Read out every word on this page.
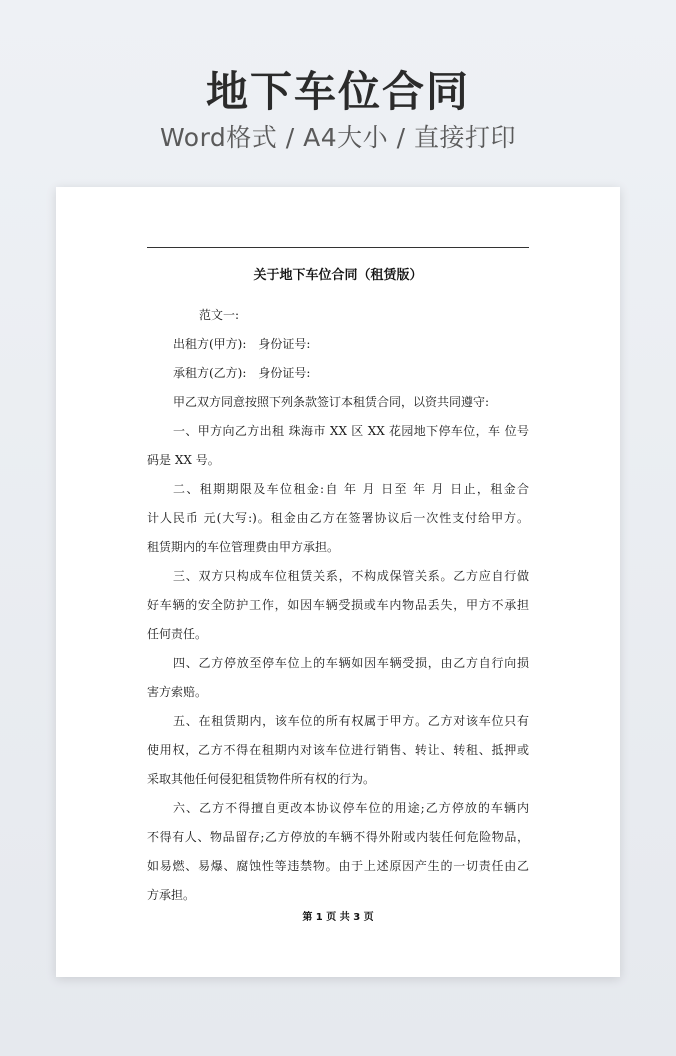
地下车位合同
Word格式 / A4大小 / 直接打印
关于地下车位合同（租赁版）
范文一:
出租方(甲方):　身份证号:
承租方(乙方):　身份证号:
甲乙双方同意按照下列条款签订本租赁合同，以资共同遵守:
一、甲方向乙方出租 珠海市 XX 区 XX 花园地下停车位，车 位号
码是 XX 号。
二、租期期限及车位租金:自 年 月 日至 年 月 日止，租金合
计人民币 元(大写:)。租金由乙方在签署协议后一次性支付给甲方。
租赁期内的车位管理费由甲方承担。
三、双方只构成车位租赁关系，不构成保管关系。乙方应自行做
好车辆的安全防护工作，如因车辆受损或车内物品丢失，甲方不承担
任何责任。
四、乙方停放至停车位上的车辆如因车辆受损，由乙方自行向损
害方索赔。
五、在租赁期内，该车位的所有权属于甲方。乙方对该车位只有
使用权，乙方不得在租期内对该车位进行销售、转让、转租、抵押或
采取其他任何侵犯租赁物件所有权的行为。
六、乙方不得擅自更改本协议停车位的用途;乙方停放的车辆内
不得有人、物品留存;乙方停放的车辆不得外附或内装任何危险物品，
如易燃、易爆、腐蚀性等违禁物。由于上述原因产生的一切责任由乙
方承担。
第 1 页 共 3 页
